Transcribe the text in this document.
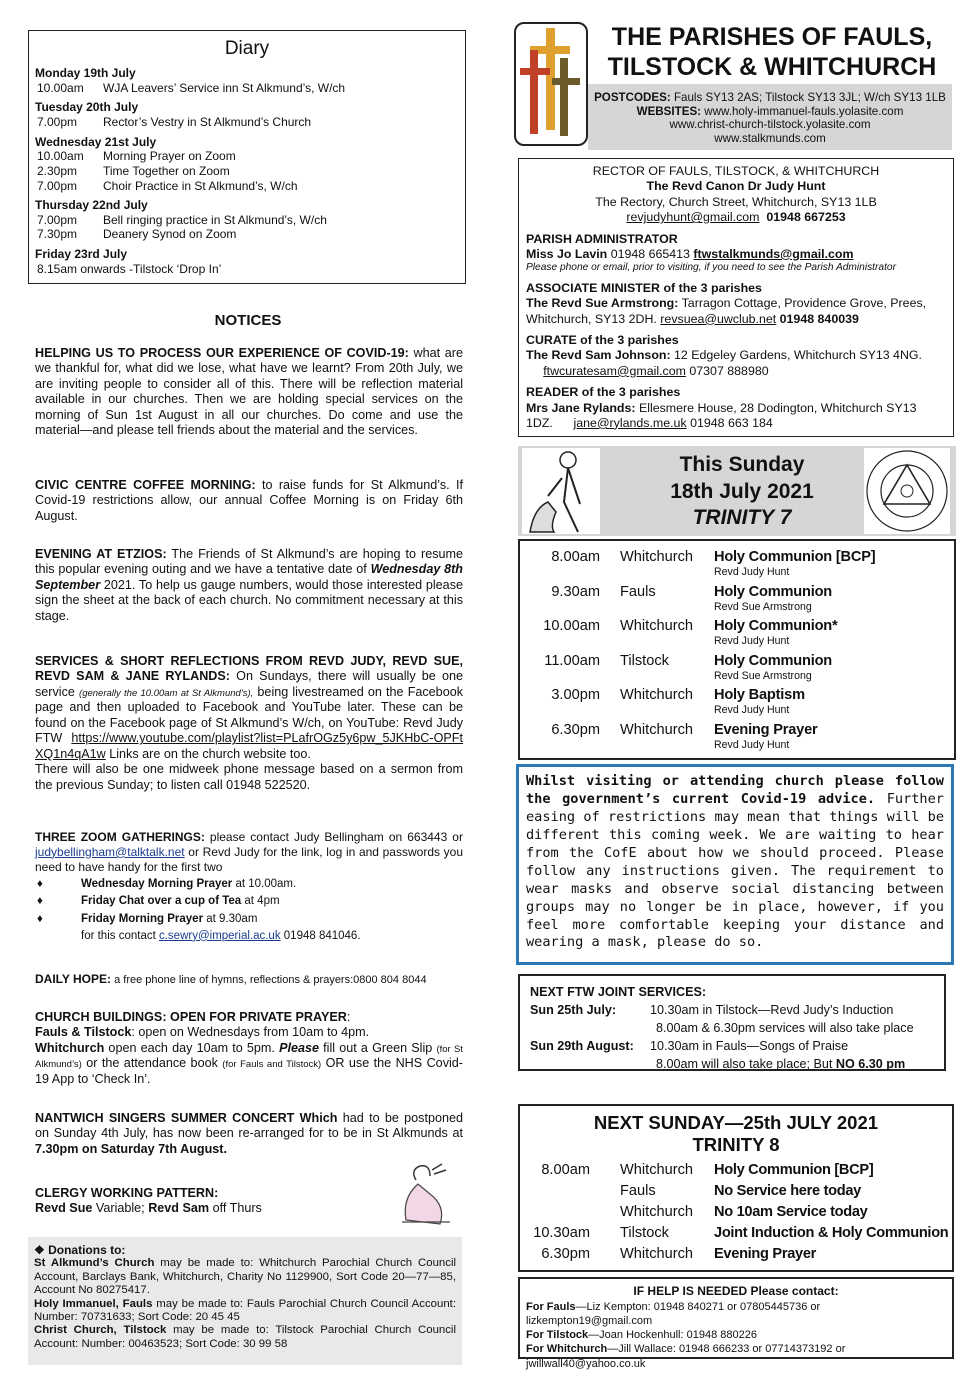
Diary
Monday 19th July
10.00am	WJA Leavers’ Service inn St Alkmund’s, W/ch
Tuesday 20th July
7.00pm	Rector’s Vestry in St Alkmund’s Church
Wednesday 21st July
10.00am	Morning Prayer on Zoom
2.30pm	Time Together on Zoom
7.00pm	Choir Practice in St Alkmund’s, W/ch
Thursday 22nd July
7.00pm	Bell ringing practice in St Alkmund’s, W/ch
7.30pm	Deanery Synod on Zoom
Friday 23rd July
8.15am onwards -Tilstock ‘Drop In’
NOTICES
HELPING US TO PROCESS OUR EXPERIENCE OF COVID-19: what are we thankful for, what did we lose, what have we learnt? From 20th July, we are inviting people to consider all of this. There will be reflection material available in our churches. Then we are holding special services on the morning of Sun 1st August in all our churches. Do come and use the material—and please tell friends about the material and the services.
CIVIC CENTRE COFFEE MORNING: to raise funds for St Alkmund’s. If Covid-19 restrictions allow, our annual Coffee Morning is on Friday 6th August.
EVENING AT ETZIOS: The Friends of St Alkmund’s are hoping to resume this popular evening outing and we have a tentative date of Wednesday 8th September 2021. To help us gauge numbers, would those interested please sign the sheet at the back of each church. No commitment necessary at this stage.
SERVICES & SHORT REFLECTIONS FROM REVD JUDY, REVD SUE, REVD SAM & JANE RYLANDS: On Sundays, there will usually be one service (generally the 10.00am at St Alkmund’s), being livestreamed on the Facebook page and then uploaded to Facebook and YouTube later. These can be found on the Facebook page of St Alkmund’s W/ch, on YouTube: Revd Judy FTW https://www.youtube.com/playlist?list=PLafrOGz5y6pw_5JKHbC-OPFtXQ1n4qA1w Links are on the church website too.
There will also be one midweek phone message based on a sermon from the previous Sunday; to listen call 01948 522520.
THREE ZOOM GATHERINGS: please contact Judy Bellingham on 663443 or judybellingham@talktalk.net or Revd Judy for the link, log in and passwords you need to have handy for the first two
♦	Wednesday Morning Prayer at 10.00am.
♦	Friday Chat over a cup of Tea at 4pm
♦	Friday Morning Prayer at 9.30am
for this contact c.sewry@imperial.ac.uk 01948 841046.
DAILY HOPE: a free phone line of hymns, reflections & prayers:0800 804 8044
CHURCH BUILDINGS: OPEN FOR PRIVATE PRAYER:
Fauls & Tilstock: open on Wednesdays from 10am to 4pm.
Whitchurch open each day 10am to 5pm. Please fill out a Green Slip (for St Alkmund’s) or the attendance book (for Fauls and Tilstock) OR use the NHS Covid-19 App to ‘Check In’.
NANTWICH SINGERS SUMMER CONCERT Which had to be postponed on Sunday 4th July, has now been re-arranged for to be in St Alkmunds at 7.30pm on Saturday 7th August.
CLERGY WORKING PATTERN:
Revd Sue Variable; Revd Sam off Thurs
❖ Donations to:
St Alkmund’s Church may be made to: Whitchurch Parochial Church Council Account, Barclays Bank, Whitchurch, Charity No 1129900, Sort Code 20—77—85, Account No 80275417.
Holy Immanuel, Fauls may be made to: Fauls Parochial Church Council Account: Number: 70731633; Sort Code: 20 45 45
Christ Church, Tilstock may be made to: Tilstock Parochial Church Council Account: Number: 00463523; Sort Code: 30 99 58
THE PARISHES OF FAULS,
TILSTOCK & WHITCHURCH
POSTCODES: Fauls SY13 2AS; Tilstock SY13 3JL; W/ch SY13 1LB
WEBSITES: www.holy-immanuel-fauls.yolasite.com
www.christ-church-tilstock.yolasite.com
www.stalkmunds.com
RECTOR OF FAULS, TILSTOCK, & WHITCHURCH
The Revd Canon Dr Judy Hunt
The Rectory, Church Street, Whitchurch, SY13 1LB
revjudyhunt@gmail.com 01948 667253
PARISH ADMINISTRATOR
Miss Jo Lavin 01948 665413 ftwstalkmunds@gmail.com
Please phone or email, prior to visiting, if you need to see the Parish Administrator
ASSOCIATE MINISTER of the 3 parishes
The Revd Sue Armstrong: Tarragon Cottage, Providence Grove, Prees, Whitchurch, SY13 2DH. revsuea@uwclub.net 01948 840039
CURATE of the 3 parishes
The Revd Sam Johnson: 12 Edgeley Gardens, Whitchurch SY13 4NG.      ftwcuratesam@gmail.com 07307 888980
READER of the 3 parishes
Mrs Jane Rylands: Ellesmere House, 28 Dodington, Whitchurch SY13 1DZ.      jane@rylands.me.uk 01948 663 184
This Sunday
18th July 2021
TRINITY 7
8.00am Whitchurch Holy Communion [BCP]
Revd Judy Hunt
9.30am Fauls	Holy Communion
Revd Sue Armstrong
10.00am Whitchurch Holy Communion*
Revd Judy Hunt
11.00am Tilstock	Holy Communion
Revd Sue Armstrong
3.00pm Whitchurch Holy Baptism
Revd Judy Hunt
6.30pm Whitchurch Evening Prayer
Revd Judy Hunt
Whilst visiting or attending church please follow the government’s current Covid-19 advice. Further easing of restrictions may mean that things will be different this coming week. We are waiting to hear from the CofE about how we should proceed. Please follow any instructions given. The requirement to wear masks and observe social distancing between groups may no longer be in place, however, if you feel more comfortable keeping your distance and wearing a mask, please do so.
NEXT FTW JOINT SERVICES:
Sun 25th July:	10.30am in Tilstock—Revd Judy’s Induction
8.00am & 6.30pm services will also take place
Sun 29th August:	10.30am in Fauls—Songs of Praise
8.00am will also take place; But NO 6.30 pm
NEXT SUNDAY—25th JULY 2021
TRINITY 8
8.00am Whitchurch Holy Communion [BCP]
Fauls	No Service here today
Whitchurch No 10am Service today
10.30am Tilstock	Joint Induction & Holy Communion
6.30pm Whitchurch Evening Prayer
IF HELP IS NEEDED Please contact:
For Fauls—Liz Kempton: 01948 840271 or 07805445736 or lizkempton19@gmail.com
For Tilstock—Joan Hockenhull: 01948 880226
For Whitchurch—Jill Wallace: 01948 666233 or 07714373192 or jwillwall40@yahoo.co.uk
